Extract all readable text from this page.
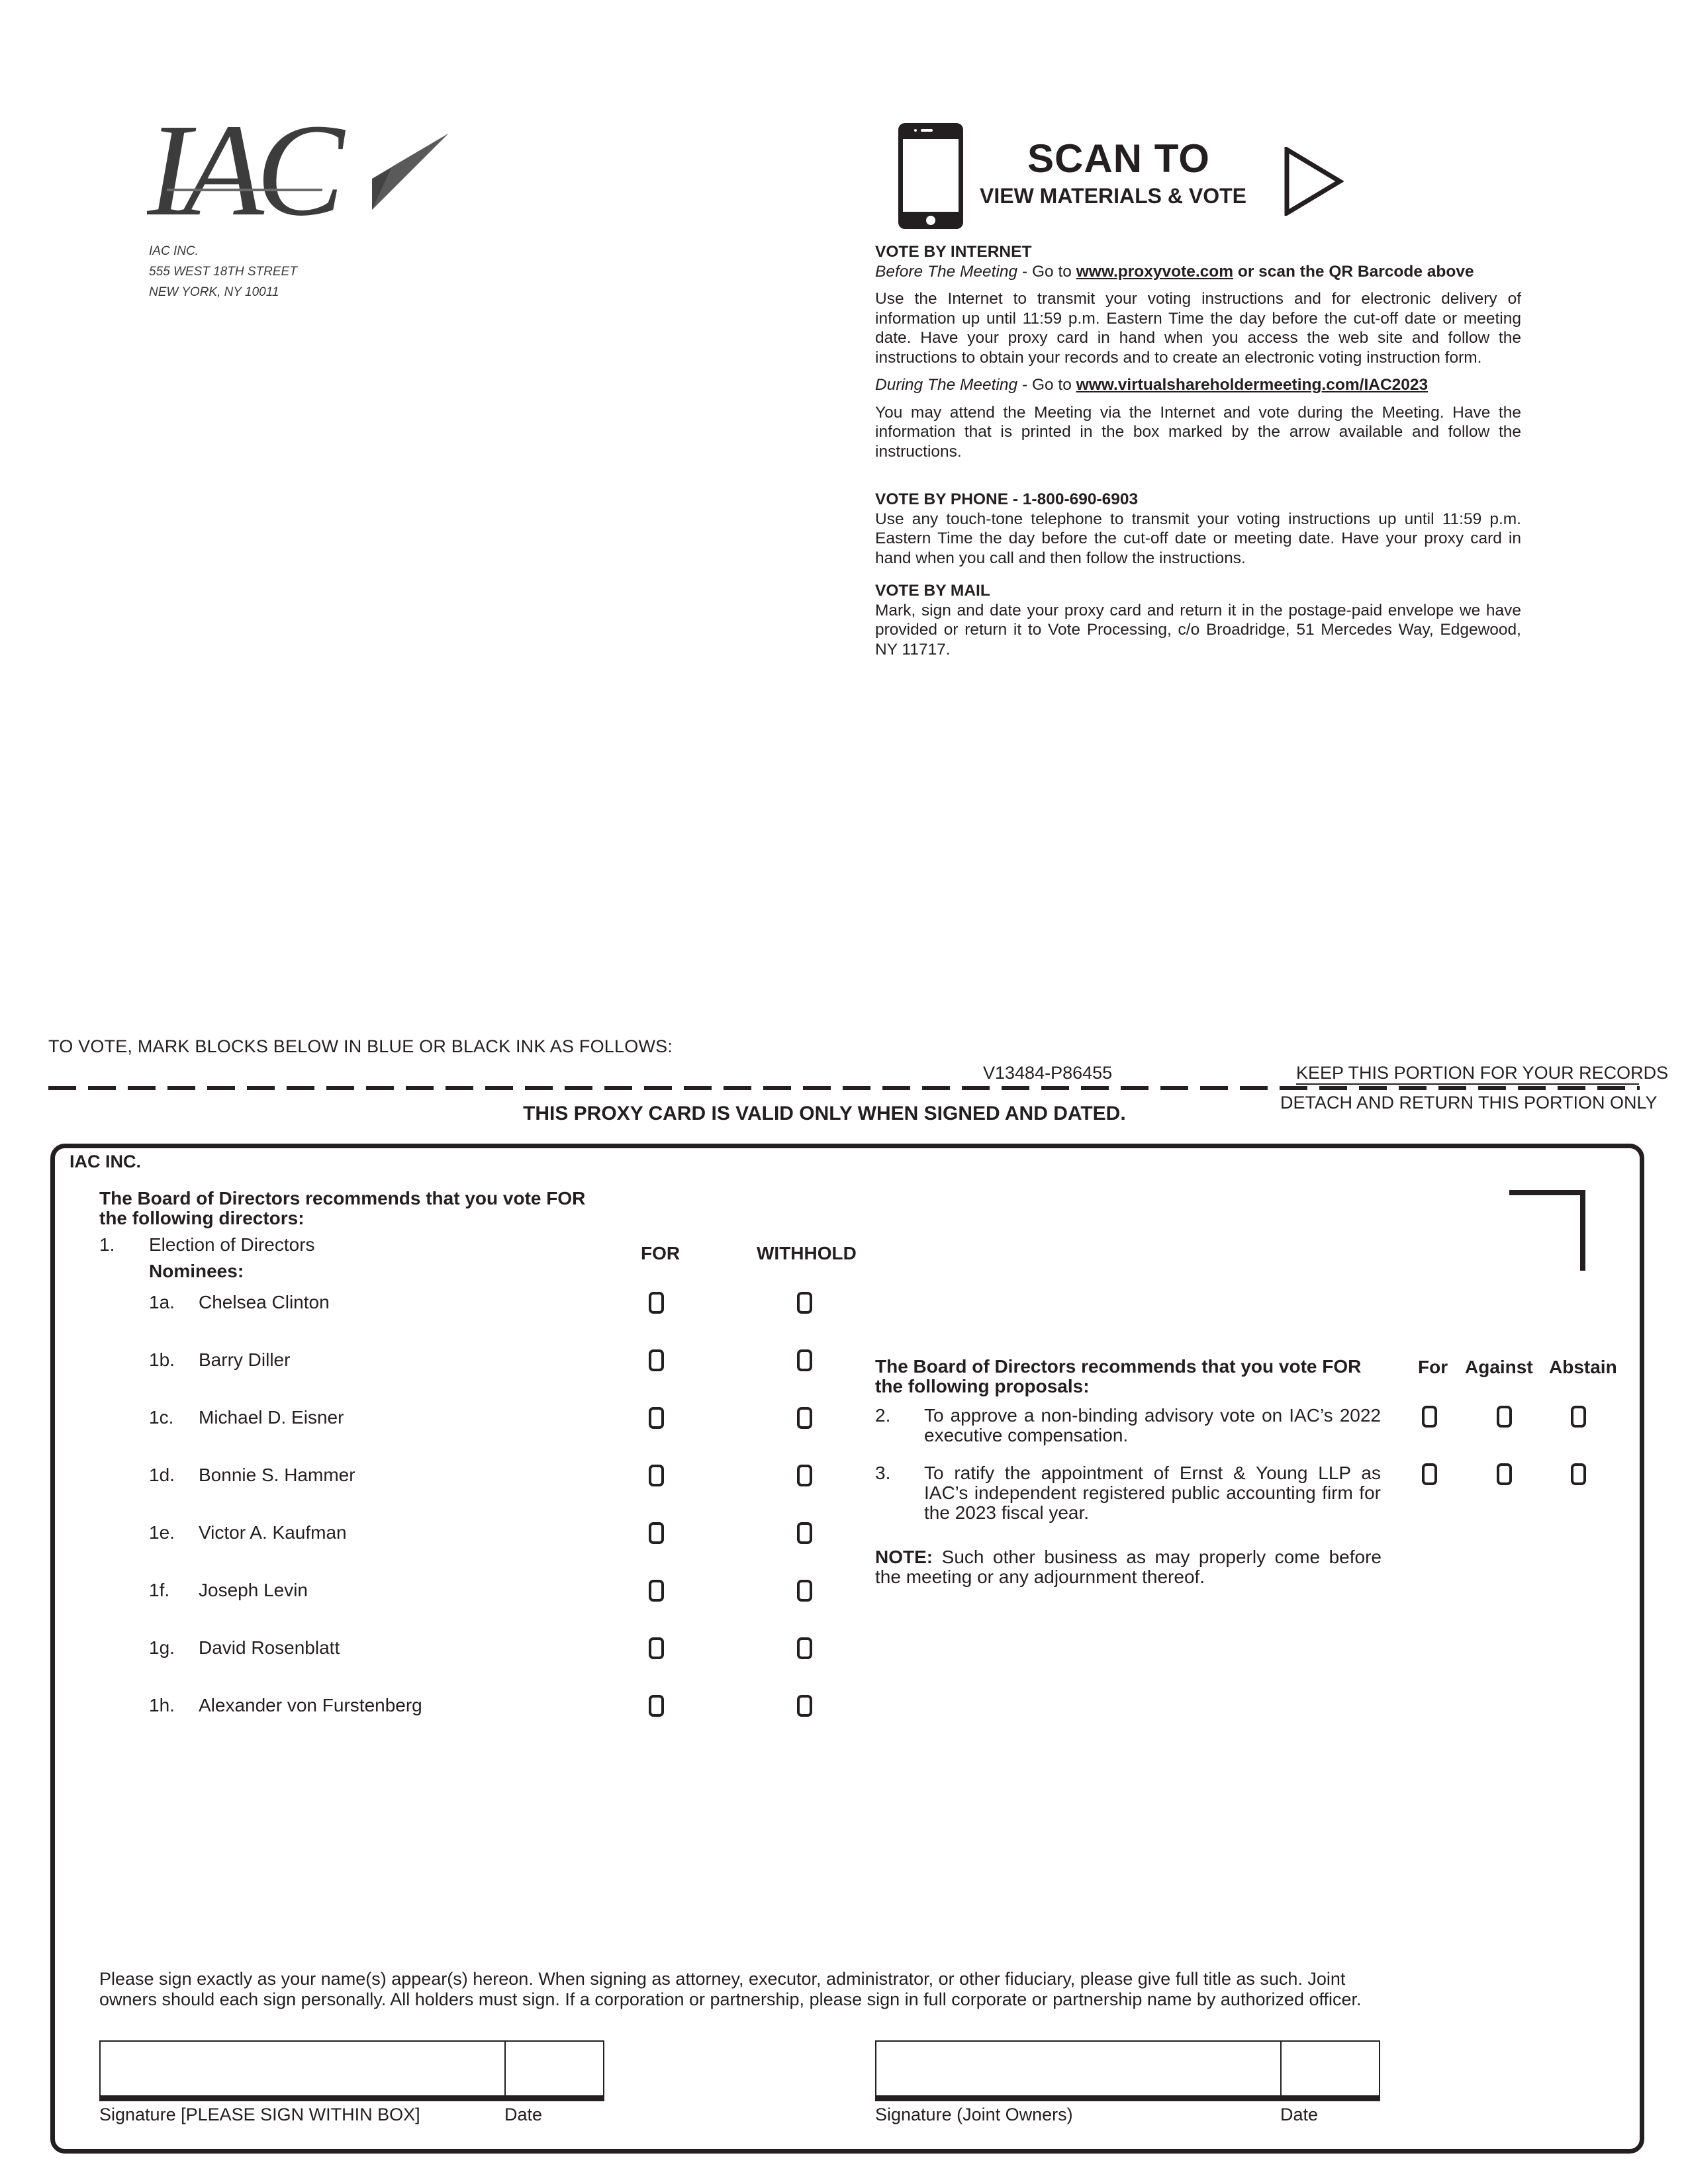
IAC
IAC INC.
555 WEST 18TH STREET
NEW YORK, NY 10011
SCAN TO
VIEW MATERIALS & VOTE

VOTE BY INTERNET

Before The Meeting - Go to www.proxyvote.com or scan the QR Barcode above

Use the Internet to transmit your voting instructions and for electronic delivery of information up until 11:59 p.m. Eastern Time the day before the cut-off date or meeting date. Have your proxy card in hand when you access the web site and follow the instructions to obtain your records and to create an electronic voting instruction form.

During The Meeting - Go to www.virtualshareholdermeeting.com/IAC2023

You may attend the Meeting via the Internet and vote during the Meeting. Have the information that is printed in the box marked by the arrow available and follow the instructions.

VOTE BY PHONE - 1-800-690-6903

Use any touch-tone telephone to transmit your voting instructions up until 11:59 p.m. Eastern Time the day before the cut-off date or meeting date. Have your proxy card in hand when you call and then follow the instructions.

VOTE BY MAIL

Mark, sign and date your proxy card and return it in the postage-paid envelope we have provided or return it to Vote Processing, c/o Broadridge, 51 Mercedes Way, Edgewood, NY 11717.

TO VOTE, MARK BLOCKS BELOW IN BLUE OR BLACK INK AS FOLLOWS:
V13484-P86455	KEEP THIS PORTION FOR YOUR RECORDS
DETACH AND RETURN THIS PORTION ONLY
THIS PROXY CARD IS VALID ONLY WHEN SIGNED AND DATED.
IAC INC.
The Board of Directors recommends that you vote FOR
the following directors:
1. Election of Directors
Nominees:
FOR	WITHHOLD
1a. Chelsea Clinton
1b. Barry Diller
1c. Michael D. Eisner
1d. Bonnie S. Hammer
1e. Victor A. Kaufman
1f. Joseph Levin
1g. David Rosenblatt
1h. Alexander von Furstenberg
The Board of Directors recommends that you vote FOR
the following proposals:
For Against Abstain
2. To approve a non-binding advisory vote on IAC’s 2022 executive compensation.
3. To ratify the appointment of Ernst & Young LLP as IAC’s independent registered public accounting firm for the 2023 fiscal year.
NOTE: Such other business as may properly come before the meeting or any adjournment thereof.
Please sign exactly as your name(s) appear(s) hereon. When signing as attorney, executor, administrator, or other fiduciary, please give full title as such. Joint owners should each sign personally. All holders must sign. If a corporation or partnership, please sign in full corporate or partnership name by authorized officer.
Signature [PLEASE SIGN WITHIN BOX]	Date	Signature (Joint Owners)	Date
